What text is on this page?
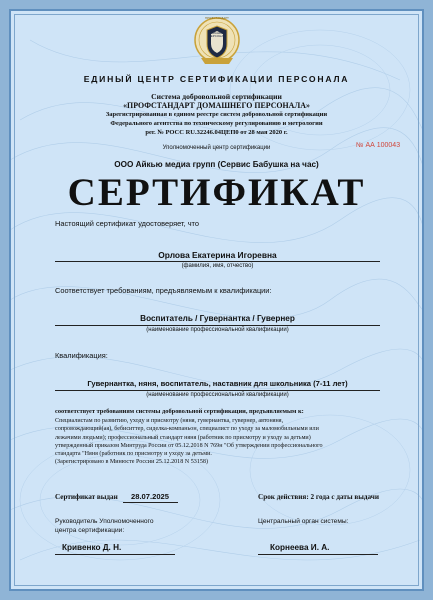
ПРОФСТАНДАРТ
ДОМАШНИЙ ПЕРСОНАЛ
ЕДИНЫЙ ЦЕНТР СЕРТИФИКАЦИИ ПЕРСОНАЛА
Система добровольной сертификации
«ПРОФСТАНДАРТ ДОМАШНЕГО ПЕРСОНАЛА»
Зарегистрированная в едином реестре систем добровольной сертификации
Федерального агентства по техническому регулированию и метрологии
рег. № РОСС RU.32246.04ЦЕП0 от 28 мая 2020 г.
Уполномоченный центр сертификации	№ АА 100043
ООО Айкью медиа групп (Сервис Бабушка на час)
СЕРТИФИКАТ
Настоящий сертификат удостоверяет, что
Орлова Екатерина Игоревна
(фамилия, имя, отчество)
Соответствует требованиям, предъявляемым к квалификации:
Воспитатель / Гувернантка / Гувернер
(наименование профессиональной квалификации)
Квалификация:
Гувернантка, няня, воспитатель, наставник для школьника (7-11 лет)
(наименование профессиональной квалификации)
соответствует требованиям системы добровольной сертификации, предъявляемым к:
Специалистам по развитию, уходу и присмотру (няня, гувернантка, гувернер, автоняня,
сопровождающий(ая), бебиситтер, сиделка-компаньон, специалист по уходу за маломобильными или
лежачими людьми); профессиональный стандарт няня (работник по присмотру и уходу за детьми)
утвержденный приказом Минтруда России от 05.12.2018 N 769н "Об утверждении профессионального
стандарта "Няня (работник по присмотру и уходу за детьми.
(Зарегистрировано в Минюсте России 25.12.2018 N 53158)
Сертификат выдан 28.07.2025	Срок действия: 2 года с даты выдачи
Руководитель Уполномоченного
центра сертификации:
Центральный орган системы:
Кривенко Д. Н.	Корнеева И. А.
